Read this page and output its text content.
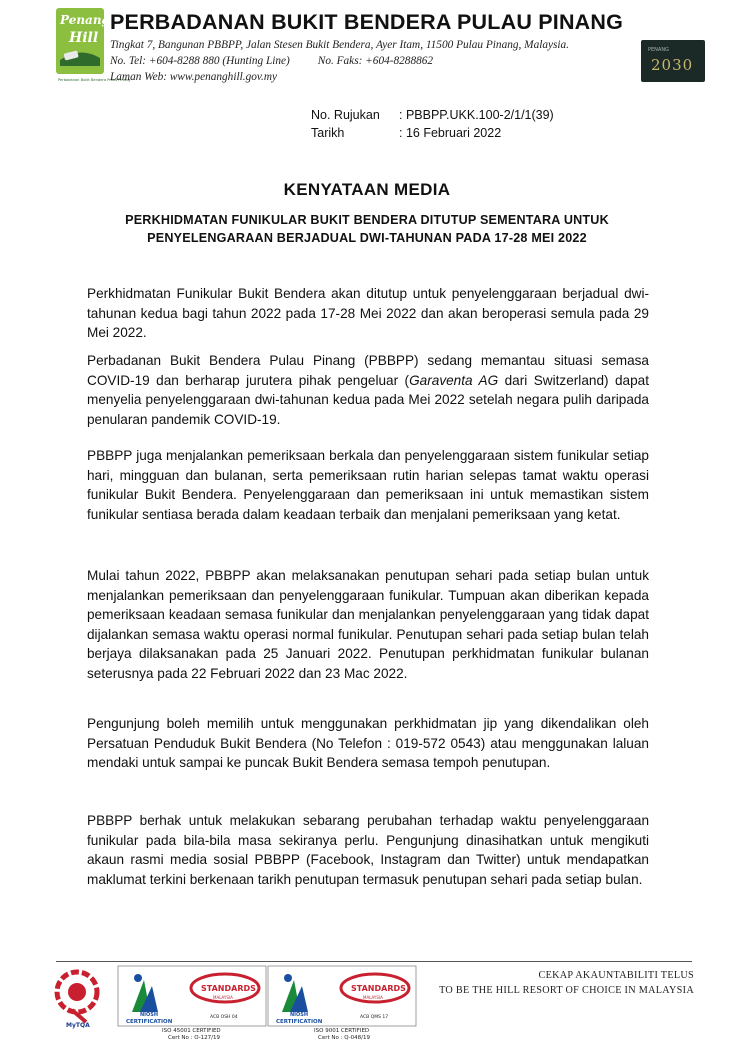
Penang
Hill
Perbadanan Bukit Bendera Pulau Pinang
PERBADANAN BUKIT BENDERA PULAU PINANG
Tingkat 7, Bangunan PBBPP, Jalan Stesen Bukit Bendera, Ayer Itam, 11500 Pulau Pinang, Malaysia.
No. Tel: +604-8288 880 (Hunting Line) No. Faks: +604-8288862
Laman Web: www.penanghill.gov.my
PENANG
2030
No. Rujukan : PBBPP.UKK.100-2/1/1(39)
Tarikh	: 16 Februari 2022
KENYATAAN MEDIA
PERKHIDMATAN FUNIKULAR BUKIT BENDERA DITUTUP SEMENTARA UNTUK PENYELENGARAAN BERJADUAL DWI-TAHUNAN PADA 17-28 MEI 2022
Perkhidmatan Funikular Bukit Bendera akan ditutup untuk penyelenggaraan berjadual dwi-tahunan kedua bagi tahun 2022 pada 17-28 Mei 2022 dan akan beroperasi semula pada 29 Mei 2022.
Perbadanan Bukit Bendera Pulau Pinang (PBBPP) sedang memantau situasi semasa COVID-19 dan berharap jurutera pihak pengeluar (Garaventa AG dari Switzerland) dapat menyelia penyelenggaraan dwi-tahunan kedua pada Mei 2022 setelah negara pulih daripada penularan pandemik COVID-19.
PBBPP juga menjalankan pemeriksaan berkala dan penyelenggaraan sistem funikular setiap hari, mingguan dan bulanan, serta pemeriksaan rutin harian selepas tamat waktu operasi funikular Bukit Bendera. Penyelenggaraan dan pemeriksaan ini untuk memastikan sistem funikular sentiasa berada dalam keadaan terbaik dan menjalani pemeriksaan yang ketat.
Mulai tahun 2022, PBBPP akan melaksanakan penutupan sehari pada setiap bulan untuk menjalankan pemeriksaan dan penyelenggaraan funikular. Tumpuan akan diberikan kepada pemeriksaan keadaan semasa funikular dan menjalankan penyelenggaraan yang tidak dapat dijalankan semasa waktu operasi normal funikular. Penutupan sehari pada setiap bulan telah berjaya dilaksanakan pada 25 Januari 2022. Penutupan perkhidmatan funikular bulanan seterusnya pada 22 Februari 2022 dan 23 Mac 2022.
Pengunjung boleh memilih untuk menggunakan perkhidmatan jip yang dikendalikan oleh Persatuan Penduduk Bukit Bendera (No Telefon : 019-572 0543) atau menggunakan laluan mendaki untuk sampai ke puncak Bukit Bendera semasa tempoh penutupan.
PBBPP berhak untuk melakukan sebarang perubahan terhadap waktu penyelenggaraan funikular pada bila-bila masa sekiranya perlu. Pengunjung dinasihatkan untuk mengikuti akaun rasmi media sosial PBBPP (Facebook, Instagram dan Twitter) untuk mendapatkan maklumat terkini berkenaan tarikh penutupan termasuk penutupan sehari pada setiap bulan.
MyTQA
NIOSH
CERTIFICATION
STANDARDS
MALAYSIA
ACB OSH 04
ISO 45001 CERTIFIED
Cert No : O-127/19
NIOSH
CERTIFICATION
STANDARDS
MALAYSIA
ACB QMS 17
ISO 9001 CERTIFIED
Cert No : Q-048/19
CEKAP AKAUNTABILITI TELUS
TO BE THE HILL RESORT OF CHOICE IN MALAYSIA
